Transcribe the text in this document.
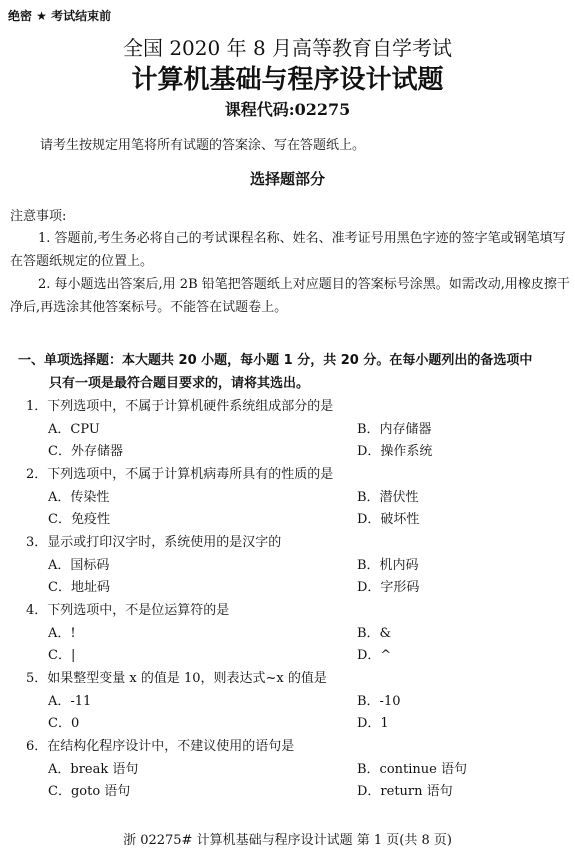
绝密 ★ 考试结束前
全国 2020 年 8 月高等教育自学考试
计算机基础与程序设计试题
课程代码:02275
请考生按规定用笔将所有试题的答案涂、写在答题纸上。
选择题部分
注意事项:
1. 答题前,考生务必将自己的考试课程名称、姓名、准考证号用黑色字迹的签字笔或钢笔填写在答题纸规定的位置上。
2. 每小题选出答案后,用 2B 铅笔把答题纸上对应题目的答案标号涂黑。如需改动,用橡皮擦干净后,再选涂其他答案标号。不能答在试题卷上。
一、单项选择题：本大题共 20 小题，每小题 1 分，共 20 分。在每小题列出的备选项中
只有一项是最符合题目要求的，请将其选出。
1．下列选项中，不属于计算机硬件系统组成部分的是
A．CPU	B．内存储器
C．外存储器	D．操作系统
2．下列选项中，不属于计算机病毒所具有的性质的是
A．传染性	B．潜伏性
C．免疫性	D．破坏性
3．显示或打印汉字时，系统使用的是汉字的
A．国标码	B．机内码
C．地址码	D．字形码
4．下列选项中，不是位运算符的是
A．!	B．&
C．|	D．^
5．如果整型变量 x 的值是 10，则表达式~x 的值是
A．-11	B．-10
C．0	D．1
6．在结构化程序设计中，不建议使用的语句是
A．break 语句	B．continue 语句
C．goto 语句	D．return 语句
浙 02275# 计算机基础与程序设计试题 第 1 页(共 8 页)
